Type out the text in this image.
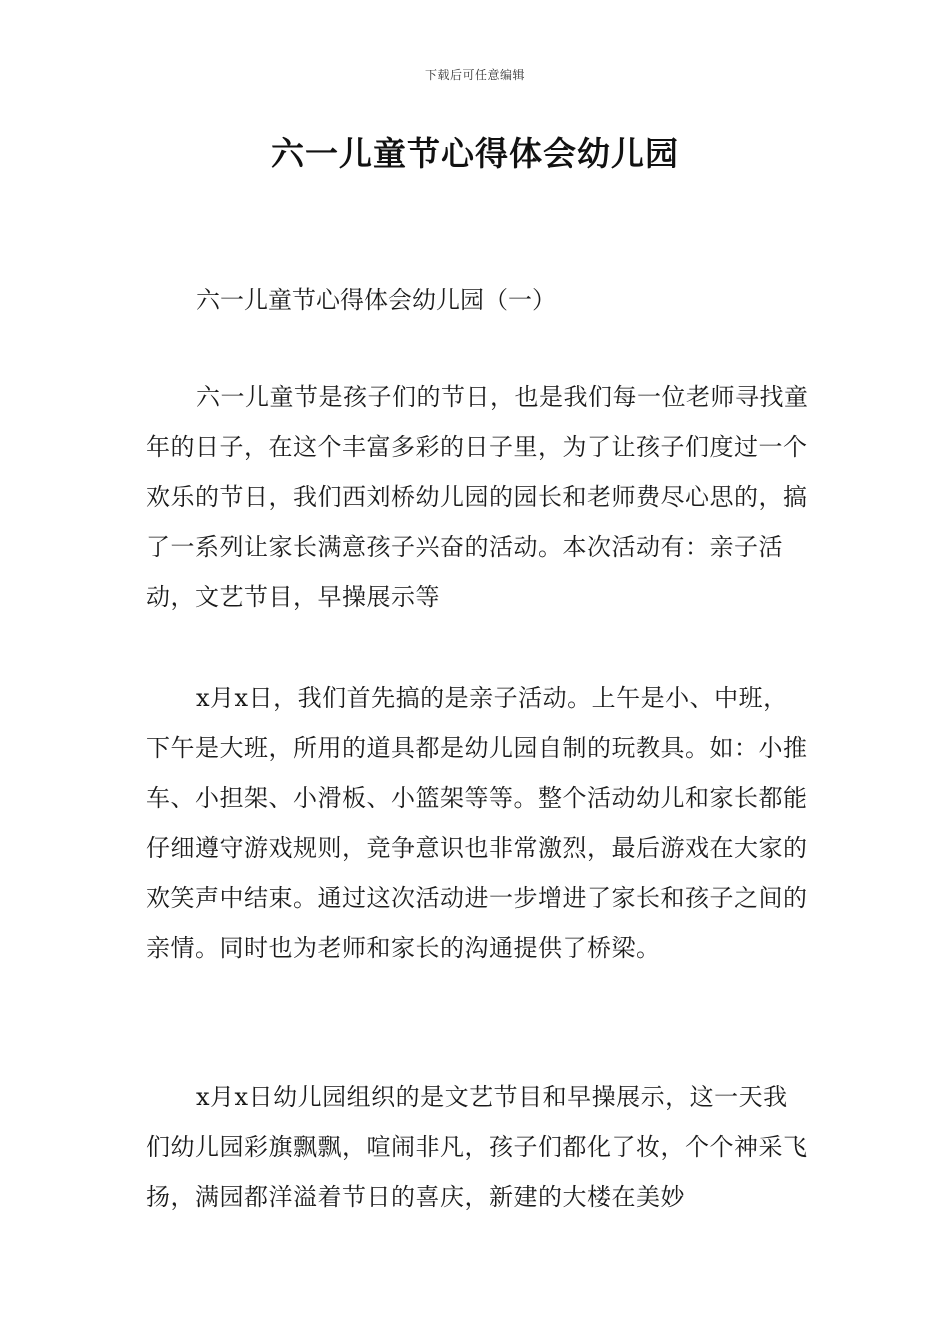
下载后可任意编辑
六一儿童节心得体会幼儿园

六一儿童节心得体会幼儿园（一）

六一儿童节是孩子们的节日，也是我们每一位老师寻找童年的日子，在这个丰富多彩的日子里，为了让孩子们度过一个欢乐的节日，我们西刘桥幼儿园的园长和老师费尽心思的，搞了一系列让家长满意孩子兴奋的活动。本次活动有：亲子活动，文艺节目，早操展示等

x月x日，我们首先搞的是亲子活动。上午是小、中班，下午是大班，所用的道具都是幼儿园自制的玩教具。如：小推车、小担架、小滑板、小篮架等等。整个活动幼儿和家长都能仔细遵守游戏规则，竞争意识也非常激烈，最后游戏在大家的欢笑声中结束。通过这次活动进一步增进了家长和孩子之间的亲情。同时也为老师和家长的沟通提供了桥梁。

x月x日幼儿园组织的是文艺节目和早操展示，这一天我们幼儿园彩旗飘飘，喧闹非凡，孩子们都化了妆，个个神采飞扬，满园都洋溢着节日的喜庆，新建的大楼在美妙
